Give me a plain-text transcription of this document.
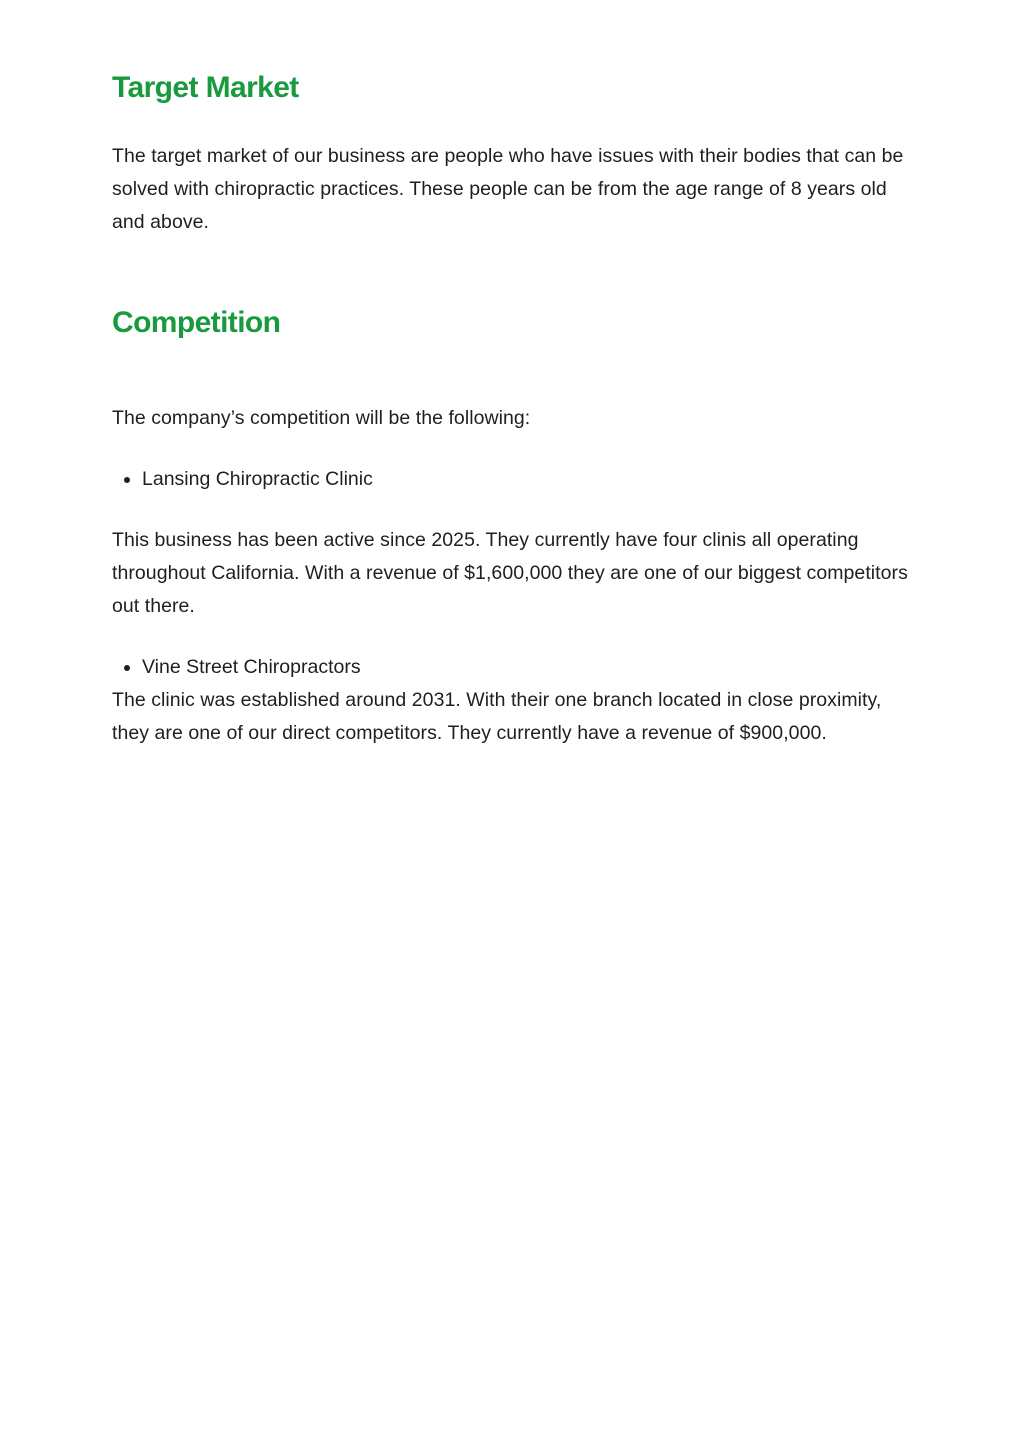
Target Market

The target market of our business are people who have issues with their bodies that can be solved with chiropractic practices. These people can be from the age range of 8 years old and above.

Competition

The company’s competition will be the following:

Lansing Chiropractic Clinic

This business has been active since 2025. They currently have four clinis all operating throughout California. With a revenue of $1,600,000 they are one of our biggest competitors out there.

Vine Street Chiropractors

The clinic was established around 2031. With their one branch located in close proximity, they are one of our direct competitors. They currently have a revenue of $900,000.
